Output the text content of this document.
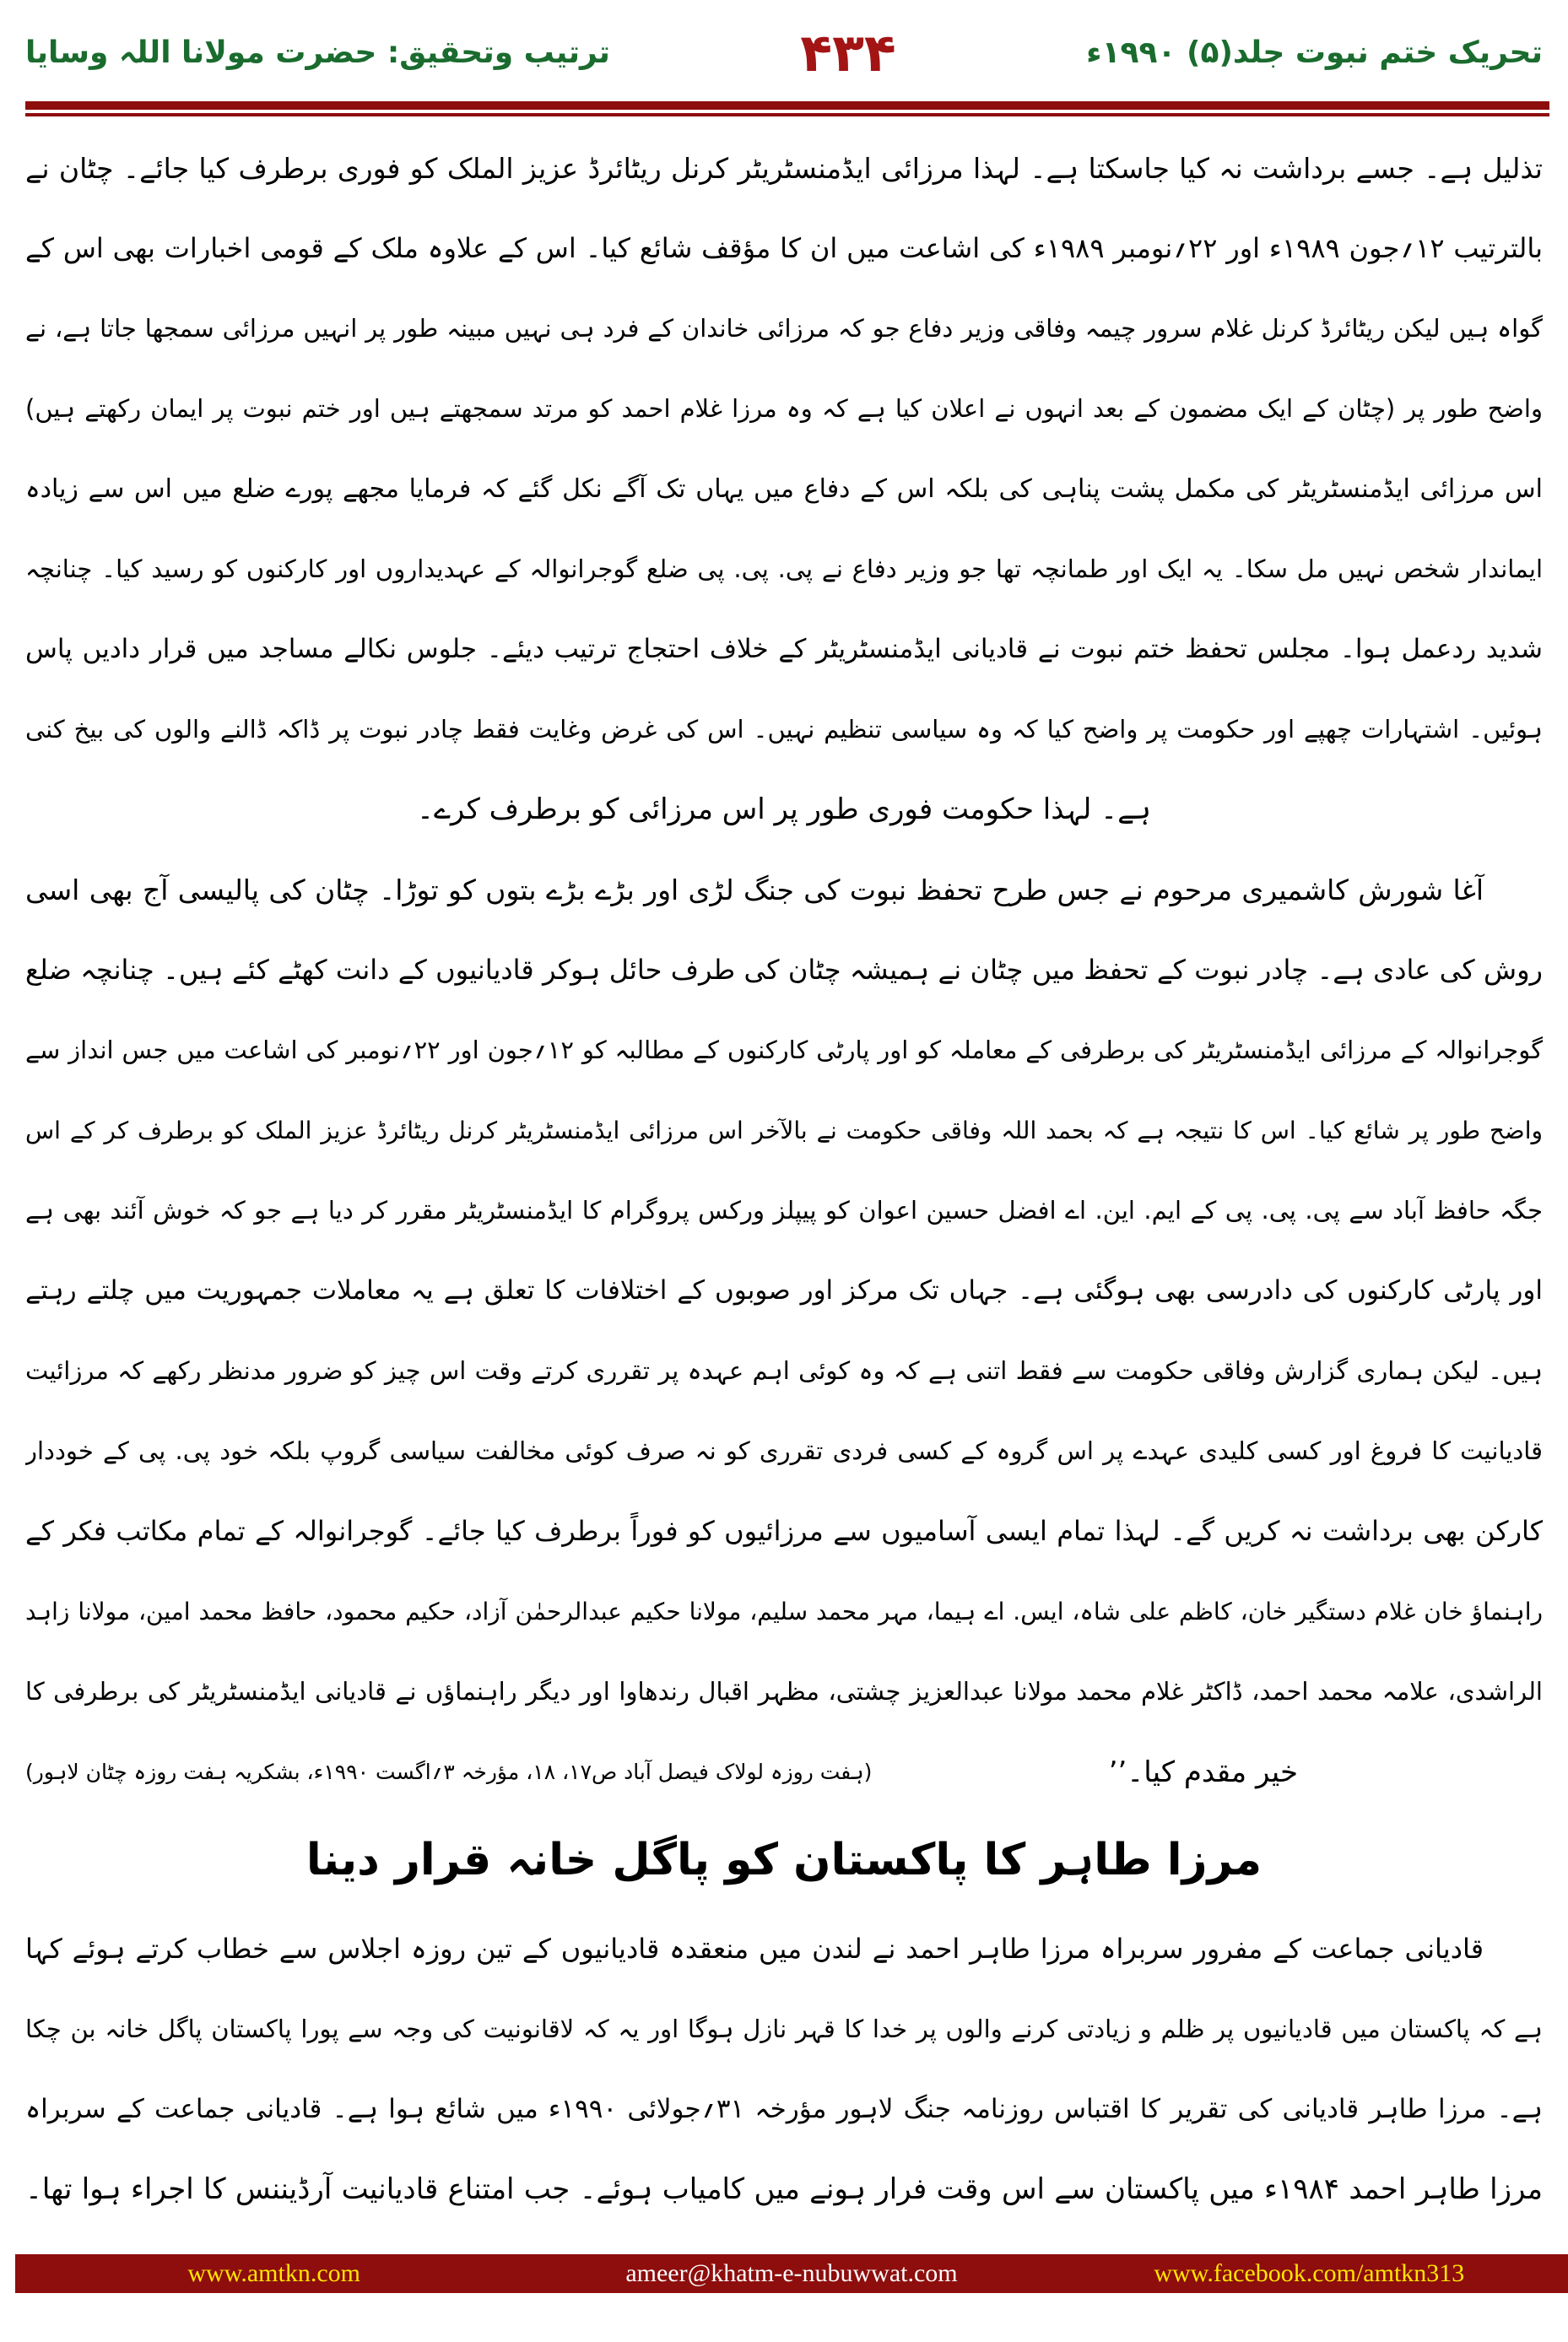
تحریک ختم نبوت جلد(۵) ۱۹۹۰ء
۴۳۴
ترتیب وتحقیق: حضرت مولانا اللہ وسایا
تذلیل ہے۔ جسے برداشت نہ کیا جاسکتا ہے۔ لہذا مرزائی ایڈمنسٹریٹر کرنل ریٹائرڈ عزیز الملک کو فوری برطرف کیا جائے۔ چٹان نے
بالترتیب ۱۲؍جون ۱۹۸۹ء اور ۲۲؍نومبر ۱۹۸۹ء کی اشاعت میں ان کا مؤقف شائع کیا۔ اس کے علاوہ ملک کے قومی اخبارات بھی اس کے
گواہ ہیں لیکن ریٹائرڈ کرنل غلام سرور چیمہ وفاقی وزیر دفاع جو کہ مرزائی خاندان کے فرد ہی نہیں مبینہ طور پر انہیں مرزائی سمجھا جاتا ہے، نے
واضح طور پر (چٹان کے ایک مضمون کے بعد انہوں نے اعلان کیا ہے کہ وہ مرزا غلام احمد کو مرتد سمجھتے ہیں اور ختم نبوت پر ایمان رکھتے ہیں)
اس مرزائی ایڈمنسٹریٹر کی مکمل پشت پناہی کی بلکہ اس کے دفاع میں یہاں تک آگے نکل گئے کہ فرمایا مجھے پورے ضلع میں اس سے زیادہ
ایماندار شخص نہیں مل سکا۔ یہ ایک اور طمانچہ تھا جو وزیر دفاع نے پی. پی. پی ضلع گوجرانوالہ کے عہدیداروں اور کارکنوں کو رسید کیا۔ چنانچہ
شدید ردعمل ہوا۔ مجلس تحفظ ختم نبوت نے قادیانی ایڈمنسٹریٹر کے خلاف احتجاج ترتیب دیئے۔ جلوس نکالے مساجد میں قرار دادیں پاس
ہوئیں۔ اشتہارات چھپے اور حکومت پر واضح کیا کہ وہ سیاسی تنظیم نہیں۔ اس کی غرض وغایت فقط چادر نبوت پر ڈاکہ ڈالنے والوں کی بیخ کنی
ہے۔ لہذا حکومت فوری طور پر اس مرزائی کو برطرف کرے۔
آغا شورش کاشمیری مرحوم نے جس طرح تحفظ نبوت کی جنگ لڑی اور بڑے بڑے بتوں کو توڑا۔ چٹان کی پالیسی آج بھی اسی
روش کی عادی ہے۔ چادر نبوت کے تحفظ میں چٹان نے ہمیشہ چٹان کی طرف حائل ہوکر قادیانیوں کے دانت کھٹے کئے ہیں۔ چنانچہ ضلع
گوجرانوالہ کے مرزائی ایڈمنسٹریٹر کی برطرفی کے معاملہ کو اور پارٹی کارکنوں کے مطالبہ کو ۱۲؍جون اور ۲۲؍نومبر کی اشاعت میں جس انداز سے
واضح طور پر شائع کیا۔ اس کا نتیجہ ہے کہ بحمد اللہ وفاقی حکومت نے بالآخر اس مرزائی ایڈمنسٹریٹر کرنل ریٹائرڈ عزیز الملک کو برطرف کر کے اس
جگہ حافظ آباد سے پی. پی. پی کے ایم. این. اے افضل حسین اعوان کو پیپلز ورکس پروگرام کا ایڈمنسٹریٹر مقرر کر دیا ہے جو کہ خوش آئند بھی ہے
اور پارٹی کارکنوں کی دادرسی بھی ہوگئی ہے۔ جہاں تک مرکز اور صوبوں کے اختلافات کا تعلق ہے یہ معاملات جمہوریت میں چلتے رہتے
ہیں۔ لیکن ہماری گزارش وفاقی حکومت سے فقط اتنی ہے کہ وہ کوئی اہم عہدہ پر تقرری کرتے وقت اس چیز کو ضرور مدنظر رکھے کہ مرزائیت
قادیانیت کا فروغ اور کسی کلیدی عہدے پر اس گروہ کے کسی فردی تقرری کو نہ صرف کوئی مخالفت سیاسی گروپ بلکہ خود پی. پی کے خوددار
کارکن بھی برداشت نہ کریں گے۔ لہذا تمام ایسی آسامیوں سے مرزائیوں کو فوراً برطرف کیا جائے۔ گوجرانوالہ کے تمام مکاتب فکر کے
راہنماؤ خان غلام دستگیر خان، کاظم علی شاہ، ایس. اے ہیما، مہر محمد سلیم، مولانا حکیم عبدالرحمٰن آزاد، حکیم محمود، حافظ محمد امین، مولانا زاہد
الراشدی، علامہ محمد احمد، ڈاکٹر غلام محمد مولانا عبدالعزیز چشتی، مظہر اقبال رندھاوا اور دیگر راہنماؤں نے قادیانی ایڈمنسٹریٹر کی برطرفی کا
خیر مقدم کیا۔’’
(ہفت روزہ لولاک فیصل آباد ص۱۷، ۱۸، مؤرخہ ۳؍اگست ۱۹۹۰ء، بشکریہ ہفت روزہ چٹان لاہور)
مرزا طاہر کا پاکستان کو پاگل خانہ قرار دینا
قادیانی جماعت کے مفرور سربراہ مرزا طاہر احمد نے لندن میں منعقدہ قادیانیوں کے تین روزہ اجلاس سے خطاب کرتے ہوئے کہا
ہے کہ پاکستان میں قادیانیوں پر ظلم و زیادتی کرنے والوں پر خدا کا قہر نازل ہوگا اور یہ کہ لاقانونیت کی وجہ سے پورا پاکستان پاگل خانہ بن چکا
ہے۔ مرزا طاہر قادیانی کی تقریر کا اقتباس روزنامہ جنگ لاہور مؤرخہ ۳۱؍جولائی ۱۹۹۰ء میں شائع ہوا ہے۔ قادیانی جماعت کے سربراہ
مرزا طاہر احمد ۱۹۸۴ء میں پاکستان سے اس وقت فرار ہونے میں کامیاب ہوئے۔ جب امتناع قادیانیت آرڈیننس کا اجراء ہوا تھا۔
www.amtkn.com	ameer@khatm-e-nubuwwat.com	www.facebook.com/amtkn313
